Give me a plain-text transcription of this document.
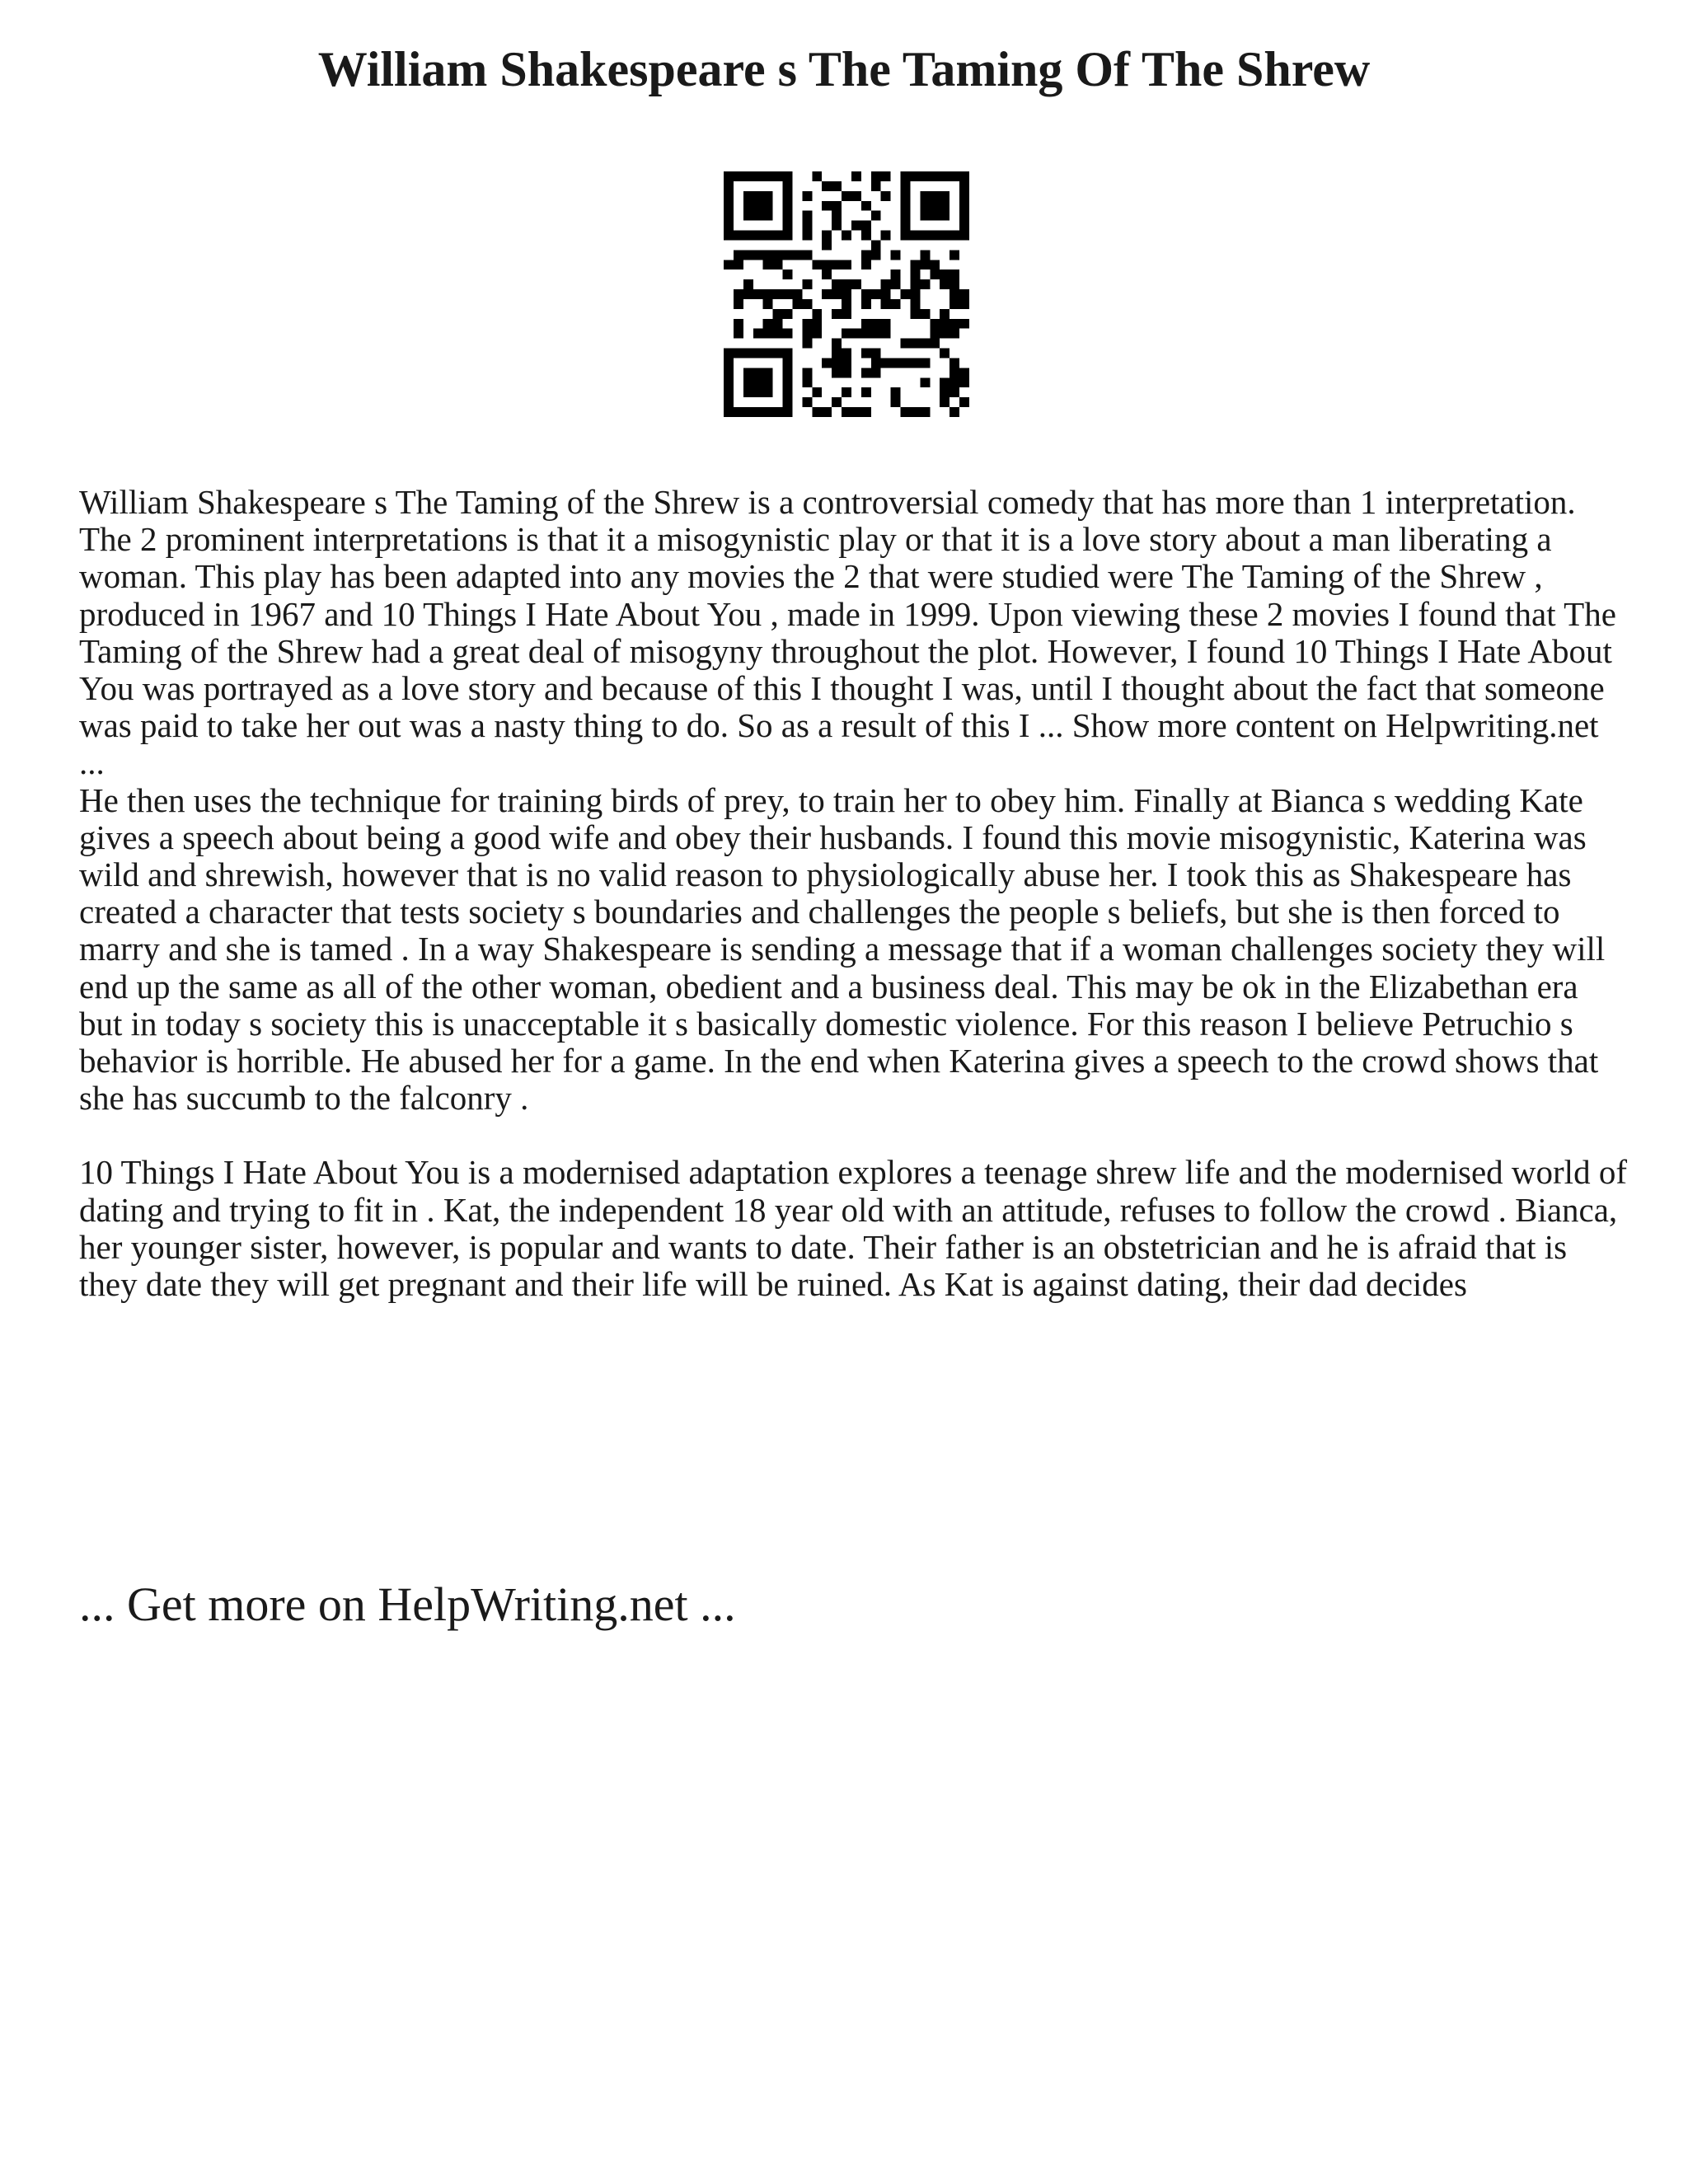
William Shakespeare s The Taming Of The Shrew

William Shakespeare s The Taming of the Shrew is a controversial comedy that has more than 1 interpretation. The 2 prominent interpretations is that it a misogynistic play or that it is a love story about a man liberating a woman. This play has been adapted into any movies the 2 that were studied were The Taming of the Shrew , produced in 1967 and 10 Things I Hate About You , made in 1999. Upon viewing these 2 movies I found that The Taming of the Shrew had a great deal of misogyny throughout the plot. However, I found 10 Things I Hate About You was portrayed as a love story and because of this I thought I was, until I thought about the fact that someone was paid to take her out was a nasty thing to do. So as a result of this I ... Show more content on Helpwriting.net ...

He then uses the technique for training birds of prey, to train her to obey him. Finally at Bianca s wedding Kate gives a speech about being a good wife and obey their husbands. I found this movie misogynistic, Katerina was wild and shrewish, however that is no valid reason to physiologically abuse her. I took this as Shakespeare has created a character that tests society s boundaries and challenges the people s beliefs, but she is then forced to marry and she is tamed . In a way Shakespeare is sending a message that if a woman challenges society they will end up the same as all of the other woman, obedient and a business deal. This may be ok in the Elizabethan era but in today s society this is unacceptable it s basically domestic violence. For this reason I believe Petruchio s behavior is horrible. He abused her for a game. In the end when Katerina gives a speech to the crowd shows that she has succumb to the falconry .

10 Things I Hate About You is a modernised adaptation explores a teenage shrew life and the modernised world of dating and trying to fit in . Kat, the independent 18 year old with an attitude, refuses to follow the crowd . Bianca, her younger sister, however, is popular and wants to date. Their father is an obstetrician and he is afraid that is they date they will get pregnant and their life will be ruined. As Kat is against dating, their dad decides

... Get more on HelpWriting.net ...
